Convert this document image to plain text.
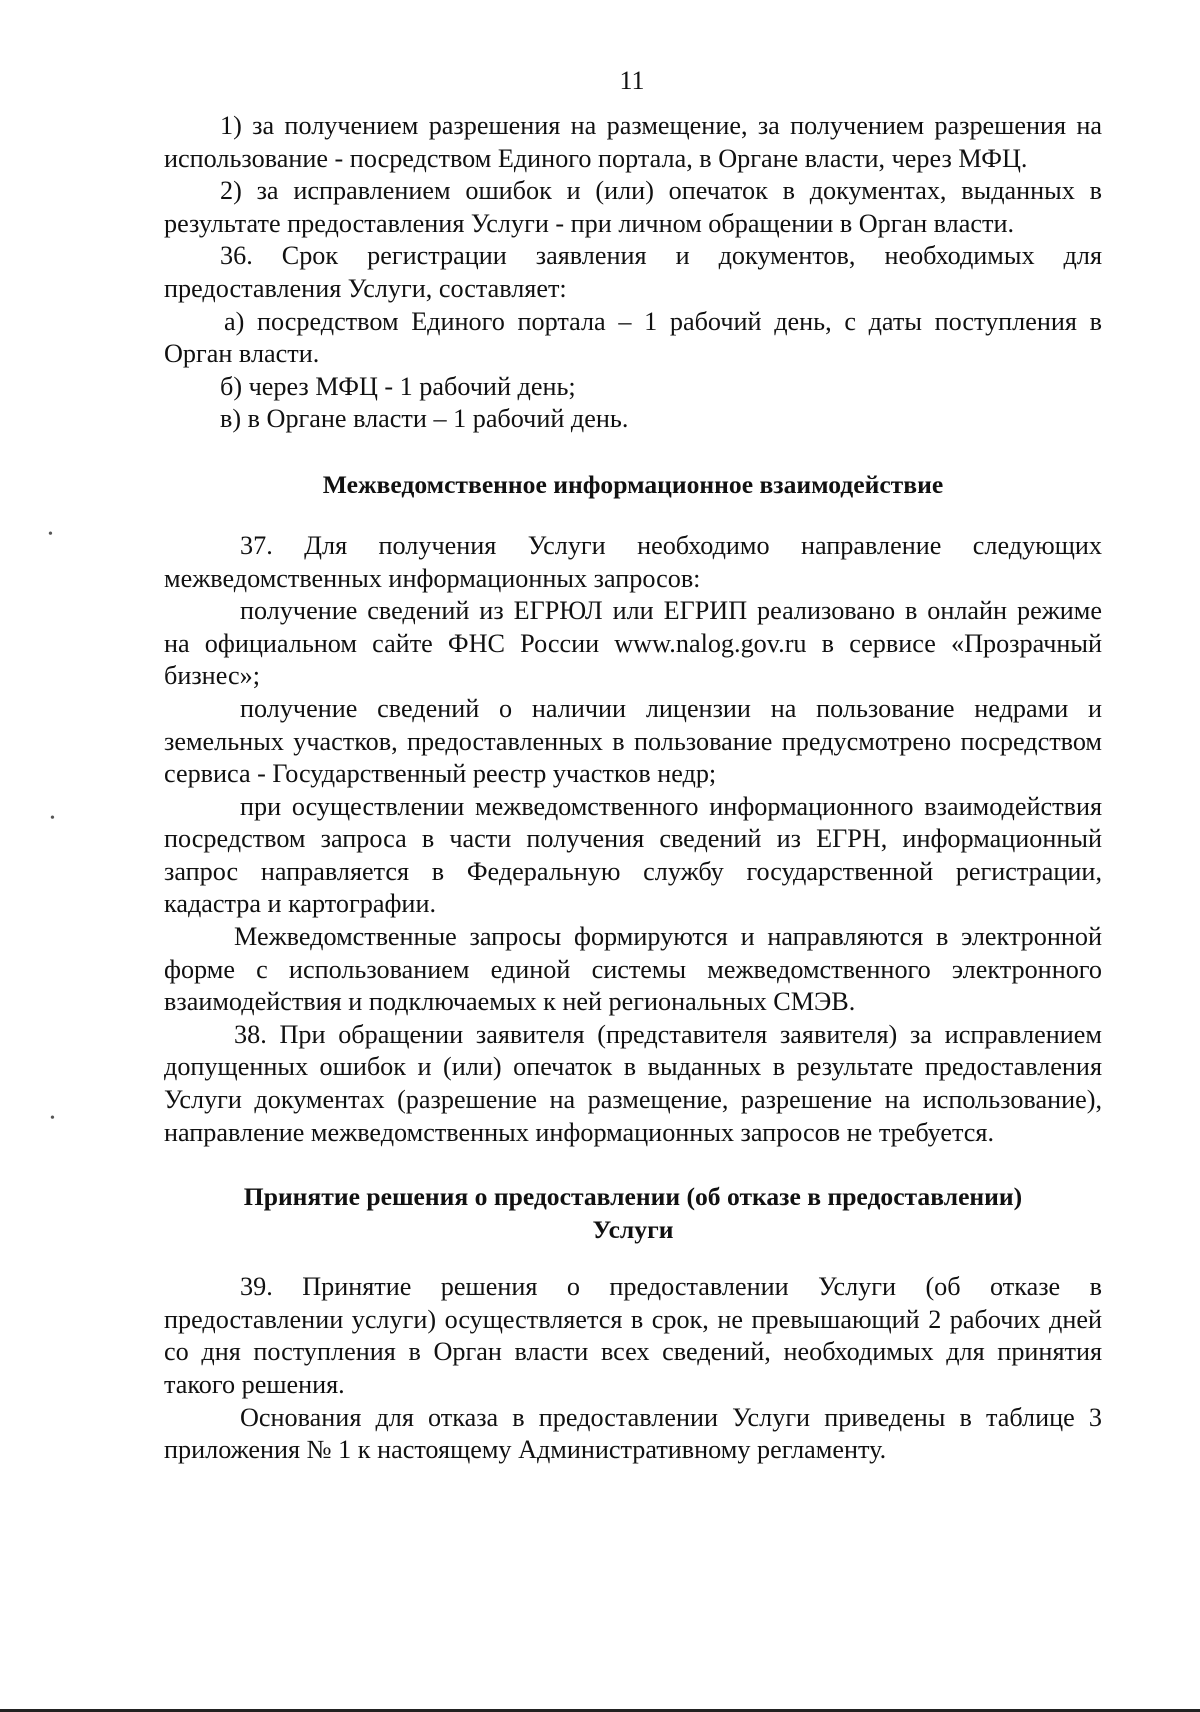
11

1) за получением разрешения на размещение, за получением разрешения на использование - посредством Единого портала, в Органе власти, через МФЦ.

2) за исправлением ошибок и (или) опечаток в документах, выданных в результате предоставления Услуги - при личном обращении в Орган власти.

36. Срок регистрации заявления и документов, необходимых для предоставления Услуги, составляет:

а) посредством Единого портала – 1 рабочий день, с даты поступления в Орган власти.

б) через МФЦ - 1 рабочий день;

в) в Органе власти – 1 рабочий день.

Межведомственное информационное взаимодействие

37. Для получения Услуги необходимо направление следующих межведомственных информационных запросов:

получение сведений из ЕГРЮЛ или ЕГРИП реализовано в онлайн режиме на официальном сайте ФНС России www.nalog.gov.ru в сервисе «Прозрачный бизнес»;

получение сведений о наличии лицензии на пользование недрами и земельных участков, предоставленных в пользование предусмотрено посредством сервиса - Государственный реестр участков недр;

при осуществлении межведомственного информационного взаимодействия посредством запроса в части получения сведений из ЕГРН, информационный запрос направляется в Федеральную службу государственной регистрации, кадастра и картографии.

Межведомственные запросы формируются и направляются в электронной форме с использованием единой системы межведомственного электронного взаимодействия и подключаемых к ней региональных СМЭВ.

38. При обращении заявителя (представителя заявителя) за исправлением допущенных ошибок и (или) опечаток в выданных в результате предоставления Услуги документах (разрешение на размещение, разрешение на использование), направление межведомственных информационных запросов не требуется.

Принятие решения о предоставлении (об отказе в предоставлении)
Услуги

39. Принятие решения о предоставлении Услуги (об отказе в предоставлении услуги) осуществляется в срок, не превышающий 2 рабочих дней со дня поступления в Орган власти всех сведений, необходимых для принятия такого решения.

Основания для отказа в предоставлении Услуги приведены в таблице 3 приложения № 1 к настоящему Административному регламенту.

•
•
•
